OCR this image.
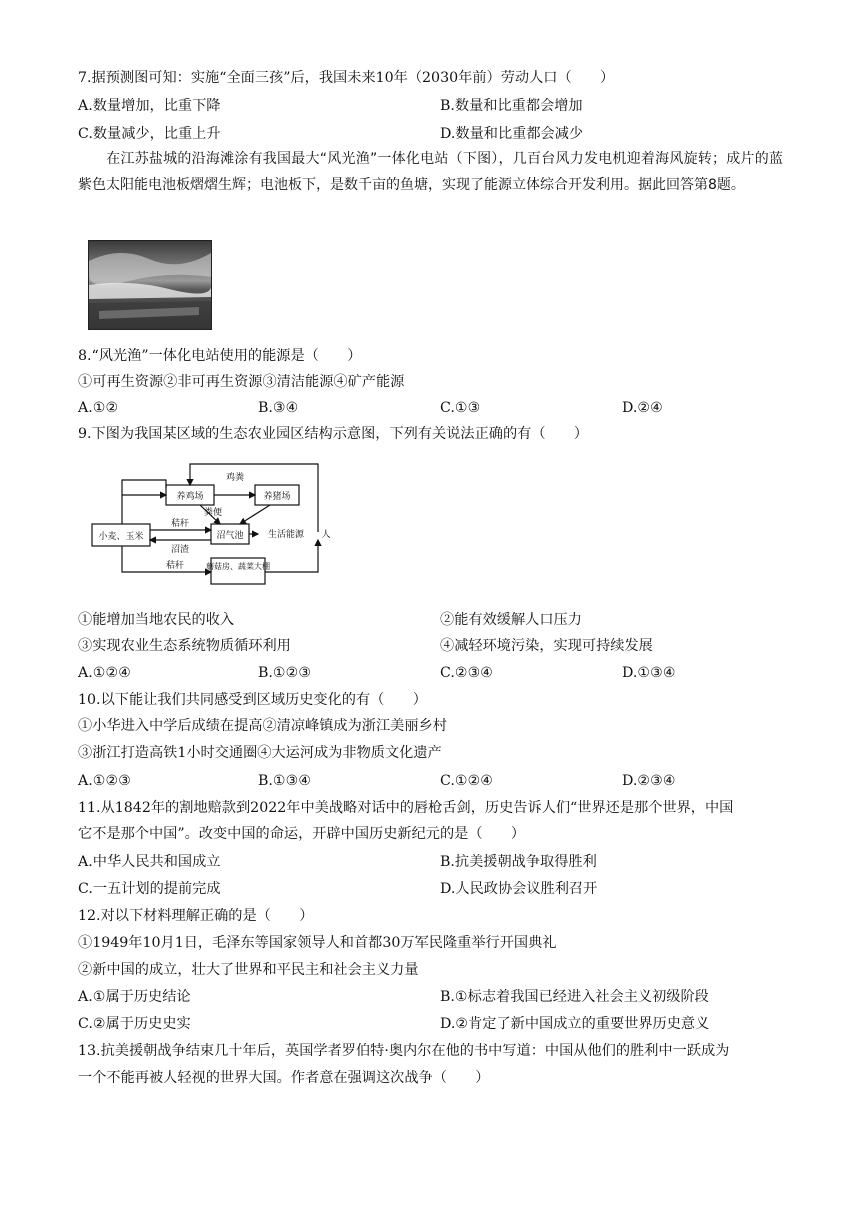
7.据预测图可知：实施“全面三孩”后，我国未来10年（2030年前）劳动人口（　　）
A.数量增加，比重下降	B.数量和比重都会增加
C.数量减少，比重上升	D.数量和比重都会减少
在江苏盐城的沿海滩涂有我国最大“风光渔”一体化电站（下图），几百台风力发电机迎着海风旋转；成片的蓝紫色太阳能电池板熠熠生辉；电池板下，是数千亩的鱼塘，实现了能源立体综合开发利用。据此回答第8题。
8.“风光渔”一体化电站使用的能源是（　　）
①可再生资源②非可再生资源③清洁能源④矿产能源
A.①②	B.③④	C.①③	D.②④
9.下图为我国某区域的生态农业园区结构示意图，下列有关说法正确的有（　　）
养鸡场	养猪场
小麦、玉米	沼气池	生活能源 人
蘑菇房、蔬菜大棚
鸡粪
粪便
秸秆
沼渣
秸秆
①能增加当地农民的收入	②能有效缓解人口压力
③实现农业生态系统物质循环利用	④减轻环境污染，实现可持续发展
A.①②④	B.①②③	C.②③④	D.①③④
10.以下能让我们共同感受到区域历史变化的有（　　）
①小华进入中学后成绩在提高②清凉峰镇成为浙江美丽乡村
③浙江打造高铁1小时交通圈④大运河成为非物质文化遗产
A.①②③	B.①③④	C.①②④	D.②③④
11.从1842年的割地赔款到2022年中美战略对话中的唇枪舌剑，历史告诉人们“世界还是那个世界，中国
它不是那个中国”。改变中国的命运，开辟中国历史新纪元的是（　　）
A.中华人民共和国成立	B.抗美援朝战争取得胜利
C.一五计划的提前完成	D.人民政协会议胜利召开
12.对以下材料理解正确的是（　　）
①1949年10月1日，毛泽东等国家领导人和首都30万军民隆重举行开国典礼
②新中国的成立，壮大了世界和平民主和社会主义力量
A.①属于历史结论	B.①标志着我国已经进入社会主义初级阶段
C.②属于历史史实	D.②肯定了新中国成立的重要世界历史意义
13.抗美援朝战争结束几十年后，英国学者罗伯特·奥内尔在他的书中写道：中国从他们的胜利中一跃成为
一个不能再被人轻视的世界大国。作者意在强调这次战争（　　）
